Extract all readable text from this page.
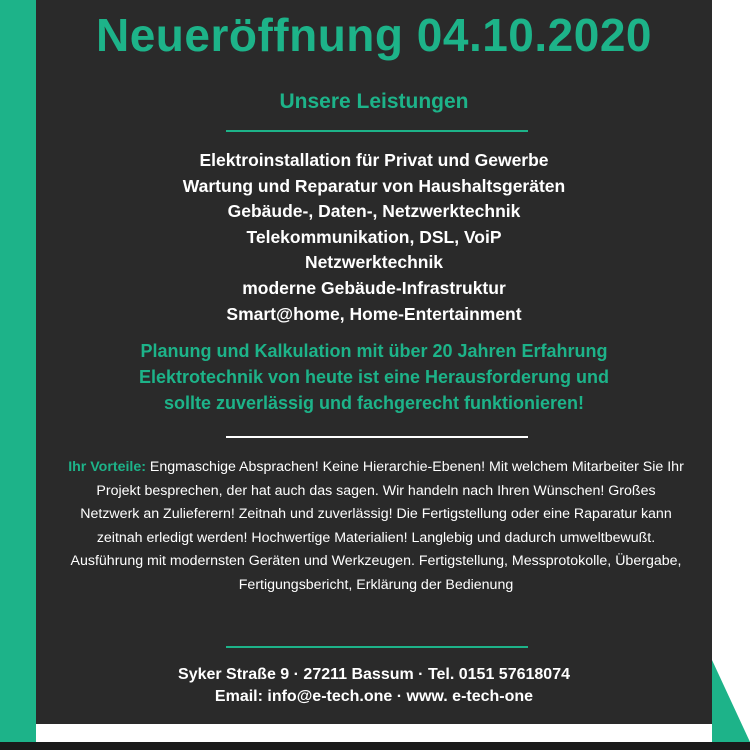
Neueröffnung 04.10.2020
Unsere Leistungen
Elektroinstallation für Privat und Gewerbe
Wartung und Reparatur von Haushaltsgeräten
Gebäude-, Daten-, Netzwerktechnik
Telekommunikation, DSL, VoiP
Netzwerktechnik
moderne Gebäude-Infrastruktur
Smart@home, Home-Entertainment
Planung und Kalkulation mit über 20 Jahren Erfahrung
Elektrotechnik von heute ist eine Herausforderung und
sollte zuverlässig und fachgerecht funktionieren!
Ihr Vorteile: Engmaschige Absprachen! Keine Hierarchie-Ebenen! Mit welchem Mitarbeiter Sie Ihr Projekt besprechen, der hat auch das sagen. Wir handeln nach Ihren Wünschen! Großes Netzwerk an Zulieferern! Zeitnah und zuverlässig! Die Fertigstellung oder eine Raparatur kann zeitnah erledigt werden! Hochwertige Materialien! Langlebig und dadurch umweltbewußt. Ausführung mit modernsten Geräten und Werkzeugen. Fertigstellung, Messprotokolle, Übergabe, Fertigungsbericht, Erklärung der Bedienung
Syker Straße 9 · 27211 Bassum · Tel. 0151 57618074
Email: info@e-tech.one · www. e-tech-one
